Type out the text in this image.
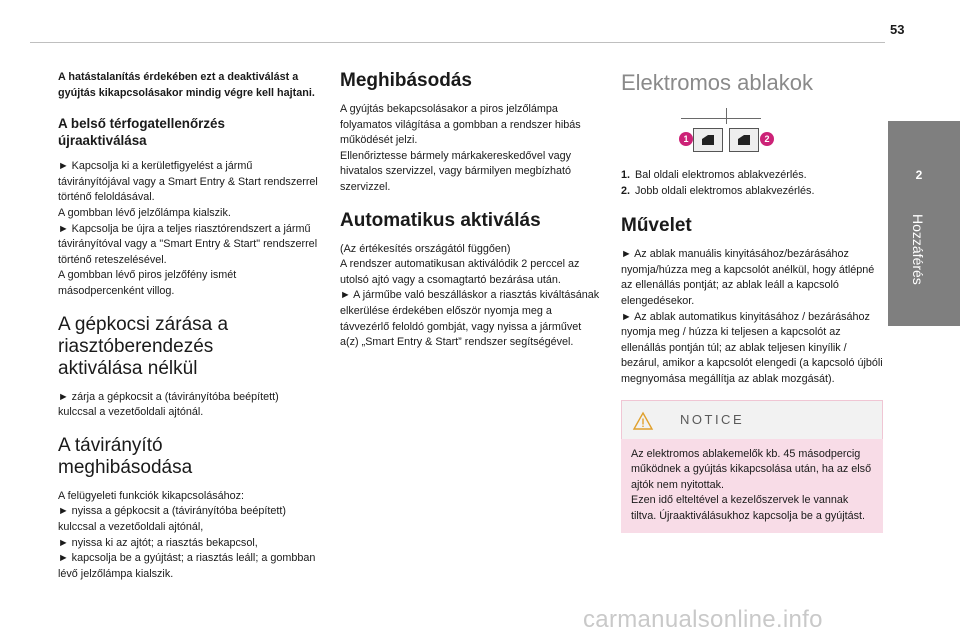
53
2
Hozzáférés

A hatástalanítás érdekében ezt a deaktiválást a gyújtás kikapcsolásakor mindig végre kell hajtani.

A belső térfogatellenőrzés
újraaktiválása

► Kapcsolja ki a kerületfigyelést a jármű távirányítójával vagy a Smart Entry & Start rendszerrel történő feloldásával.
A gombban lévő jelzőlámpa kialszik.
► Kapcsolja be újra a teljes riasztórendszert a jármű távirányítóval vagy a "Smart Entry & Start" rendszerrel történő reteszelésével.
A gombban lévő piros jelzőfény ismét másodpercenként villog.

A gépkocsi zárása a
riasztóberendezés
aktiválása nélkül

► zárja a gépkocsit a (távirányítóba beépített) kulccsal a vezetőoldali ajtónál.

A távirányító
meghibásodása

A felügyeleti funkciók kikapcsolásához:
► nyissa a gépkocsit a (távirányítóba beépített) kulccsal a vezetőoldali ajtónál,
► nyissa ki az ajtót; a riasztás bekapcsol,
► kapcsolja be a gyújtást; a riasztás leáll; a gombban lévő jelzőlámpa kialszik.

Meghibásodás

A gyújtás bekapcsolásakor a piros jelzőlámpa folyamatos világítása a gombban a rendszer hibás működését jelzi.
Ellenőriztesse bármely márkakereskedővel vagy hivatalos szervizzel, vagy bármilyen megbízható szervizzel.

Automatikus aktiválás

(Az értékesítés országától függően)
A rendszer automatikusan aktiválódik 2 perccel az utolsó ajtó vagy a csomagtartó bezárása után.
► A járműbe való beszálláskor a riasztás kiváltásának elkerülése érdekében először nyomja meg a távvezérlő feloldó gombját, vagy nyissa a járművet a(z) „Smart Entry & Start” rendszer segítségével.

Elektromos ablakok
1	2
1. Bal oldali elektromos ablakvezérlés.
2. Jobb oldali elektromos ablakvezérlés.
Művelet

► Az ablak manuális kinyitásához/bezárásához nyomja/húzza meg a kapcsolót anélkül, hogy átlépné az ellenállás pontját; az ablak leáll a kapcsoló elengedésekor.
► Az ablak automatikus kinyitásához / bezárásához nyomja meg / húzza ki teljesen a kapcsolót az ellenállás pontján túl; az ablak teljesen kinyílik / bezárul, amikor a kapcsolót elengedi (a kapcsoló újbóli megnyomása megállítja az ablak mozgását).

NOTICE

Az elektromos ablakemelők kb. 45 másodpercig működnek a gyújtás kikapcsolása után, ha az első ajtók nem nyitottak.
Ezen idő elteltével a kezelőszervek le vannak tiltva. Újraaktiválásukhoz kapcsolja be a gyújtást.

carmanualsonline.info
